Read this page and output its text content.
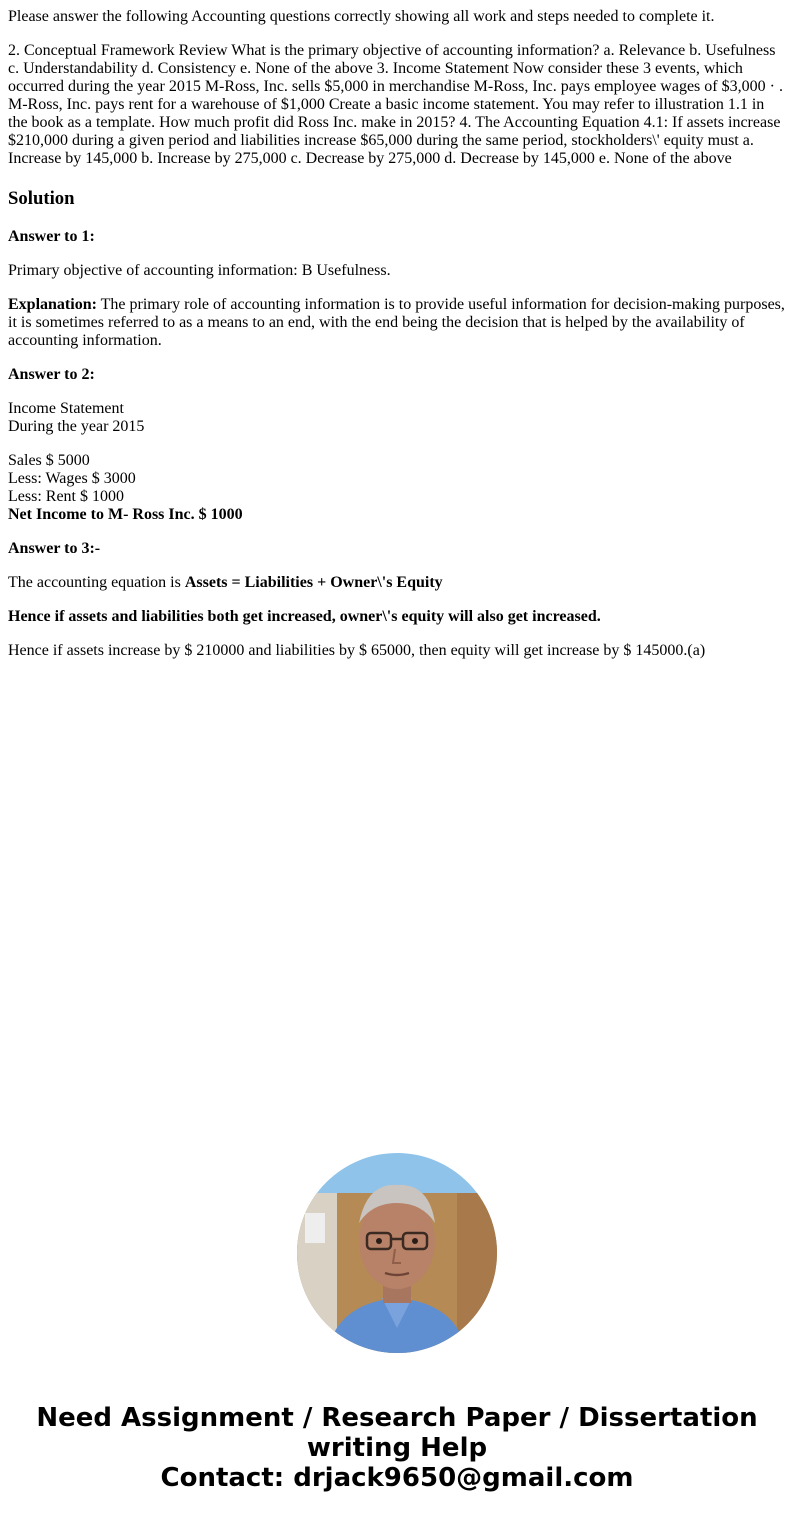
Please answer the following Accounting questions correctly showing all work and steps needed to complete it.

2. Conceptual Framework Review What is the primary objective of accounting information? a. Relevance b. Usefulness c. Understandability d. Consistency e. None of the above 3. Income Statement Now consider these 3 events, which occurred during the year 2015 M-Ross, Inc. sells $5,000 in merchandise M-Ross, Inc. pays employee wages of $3,000 · . M-Ross, Inc. pays rent for a warehouse of $1,000 Create a basic income statement. You may refer to illustration 1.1 in the book as a template. How much profit did Ross Inc. make in 2015? 4. The Accounting Equation 4.1: If assets increase $210,000 during a given period and liabilities increase $65,000 during the same period, stockholders\' equity must a. Increase by 145,000 b. Increase by 275,000 c. Decrease by 275,000 d. Decrease by 145,000 e. None of the above

Solution

Answer to 1:

Primary objective of accounting information: B Usefulness.

Explanation: The primary role of accounting information is to provide useful information for decision-making purposes, it is sometimes referred to as a means to an end, with the end being the decision that is helped by the availability of accounting information.

Answer to 2:

Income Statement
During the year 2015

Sales $ 5000
Less: Wages $ 3000
Less: Rent $ 1000
Net Income to M- Ross Inc. $ 1000

Answer to 3:-

The accounting equation is Assets = Liabilities + Owner\'s Equity

Hence if assets and liabilities both get increased, owner\'s equity will also get increased.

Hence if assets increase by $ 210000 and liabilities by $ 65000, then equity will get increase by $ 145000.(a)

Need Assignment / Research Paper / Dissertation
writing Help
Contact: drjack9650@gmail.com
